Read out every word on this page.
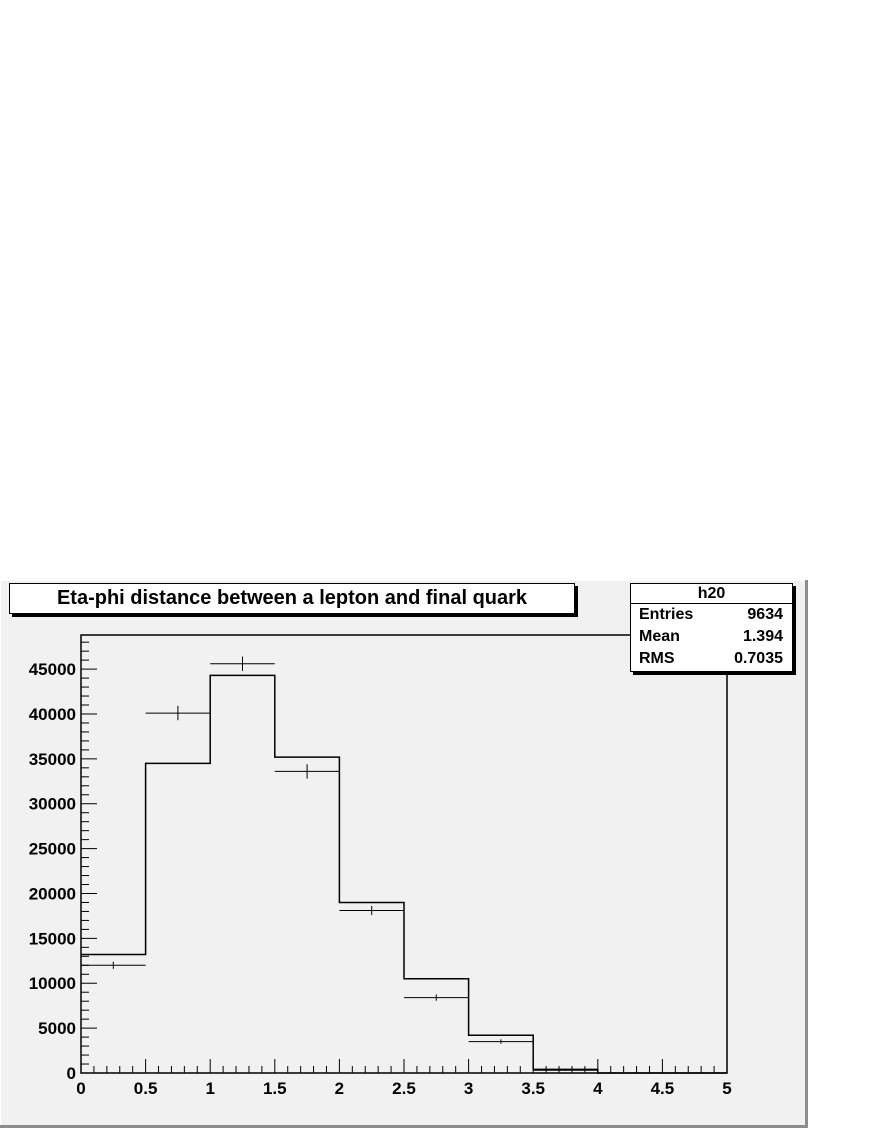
0	0.5	1	1.5	2	2.5	3	3.5	4	4.5	5
0
5000
10000
15000
20000
25000
30000
35000
40000
45000
Eta-phi distance between a lepton and final quark	h20
Entries	9634
Mean	1.394
RMS	0.7035
